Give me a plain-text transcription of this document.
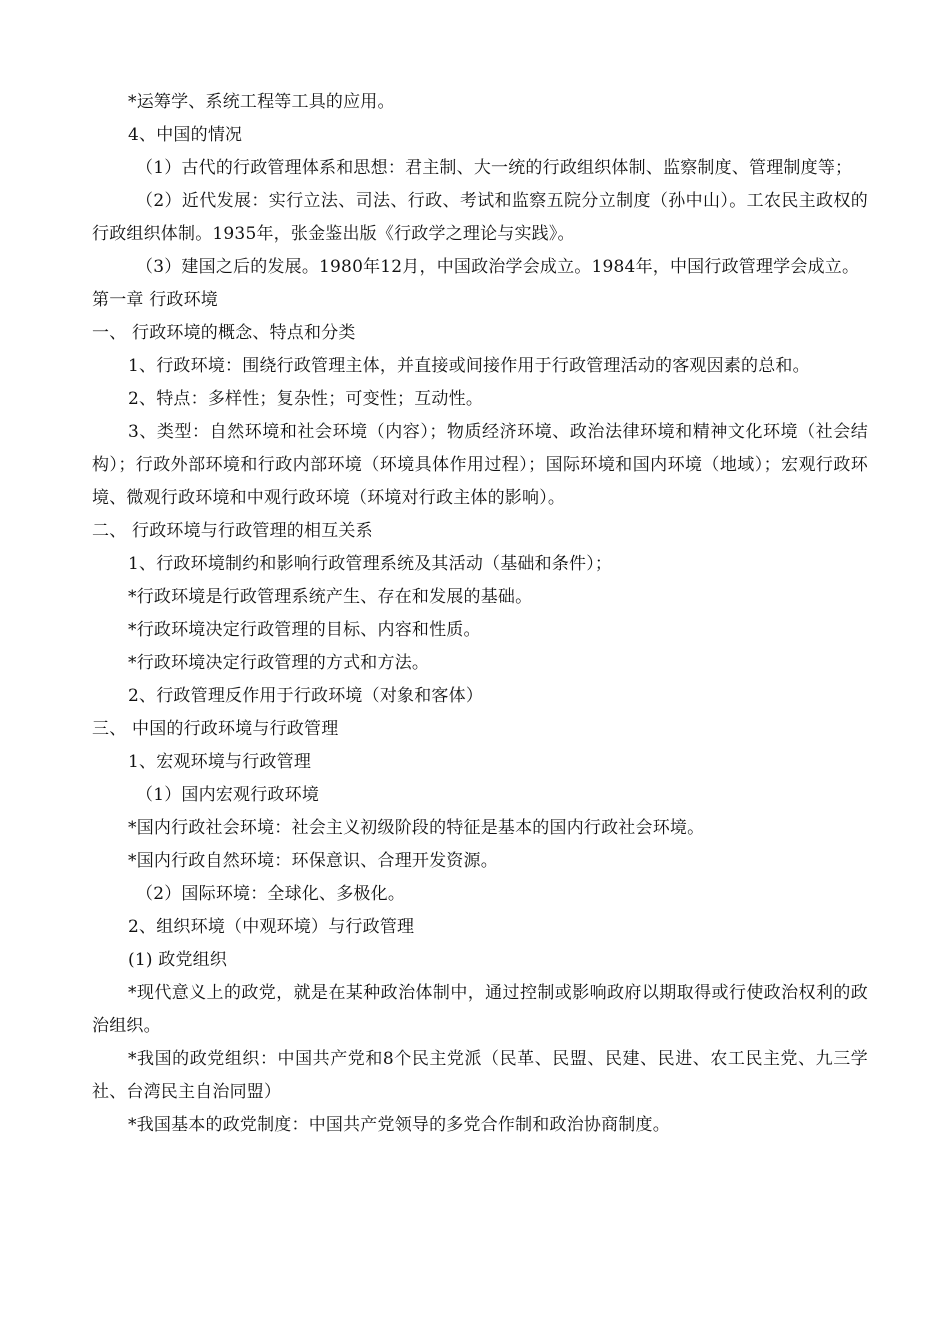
*运筹学、系统工程等工具的应用。
4、中国的情况
（1）古代的行政管理体系和思想：君主制、大一统的行政组织体制、监察制度、管理制度等；
（2）近代发展：实行立法、司法、行政、考试和监察五院分立制度（孙中山）。工农民主政权的行政组织体制。1935年，张金鉴出版《行政学之理论与实践》。
（3）建国之后的发展。1980年12月，中国政治学会成立。1984年，中国行政管理学会成立。
第一章 行政环境
一、 行政环境的概念、特点和分类
1、行政环境：围绕行政管理主体，并直接或间接作用于行政管理活动的客观因素的总和。
2、特点：多样性；复杂性；可变性；互动性。
3、类型：自然环境和社会环境（内容）；物质经济环境、政治法律环境和精神文化环境（社会结构）；行政外部环境和行政内部环境（环境具体作用过程）；国际环境和国内环境（地域）；宏观行政环境、微观行政环境和中观行政环境（环境对行政主体的影响）。
二、 行政环境与行政管理的相互关系
1、行政环境制约和影响行政管理系统及其活动（基础和条件）；
*行政环境是行政管理系统产生、存在和发展的基础。
*行政环境决定行政管理的目标、内容和性质。
*行政环境决定行政管理的方式和方法。
2、行政管理反作用于行政环境（对象和客体）
三、 中国的行政环境与行政管理
1、宏观环境与行政管理
（1）国内宏观行政环境
*国内行政社会环境：社会主义初级阶段的特征是基本的国内行政社会环境。
*国内行政自然环境：环保意识、合理开发资源。
（2）国际环境：全球化、多极化。
2、组织环境（中观环境）与行政管理
(1) 政党组织
*现代意义上的政党，就是在某种政治体制中，通过控制或影响政府以期取得或行使政治权利的政治组织。
*我国的政党组织：中国共产党和8个民主党派（民革、民盟、民建、民进、农工民主党、九三学社、台湾民主自治同盟）
*我国基本的政党制度：中国共产党领导的多党合作制和政治协商制度。
